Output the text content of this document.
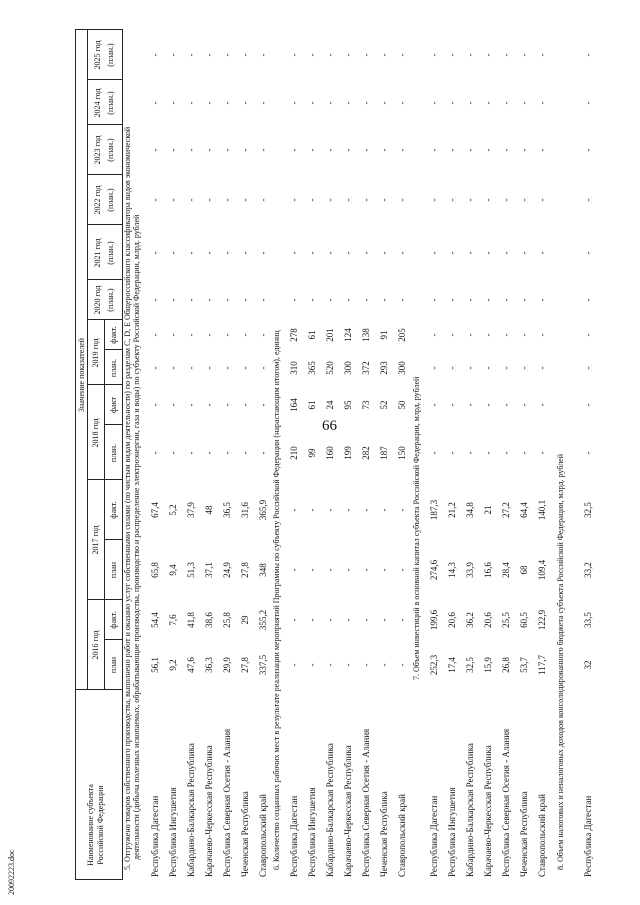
66
20092223.doc
Наименование субъекта Российской Федерации
Значение показателей
2016 год
план
факт.
2017 год
план
факт.
2018 год
план.
факт
2019 год
план.
факт.
2020 год (план.)
2021 год (план.)
2022 год (план.)
2023 год (план.)
2024 год (план.)
2025 год (план.)
5. Отгружено товаров собственного производства, выполнено работ и оказано услуг собственными силами (по чистым видам деятельности) по разделам C, D, E Общероссийского классификатора видов экономической деятельности (добыча полезных ископаемых, обрабатывающие производства, производство и распределение электроэнергии, газа и воды) по субъекту Российской Федерации, млрд. рублей Республика Дагестан
56,1
54,4
65,8
67,4
-
-
-
-
-
-
-
-
-
-
Республика Ингушетия
9,2
7,6
9,4
5,2
-
-
-
-
-
-
-
-
-
-
Кабардино-Балкарская Республика
47,6
41,8
51,3
37,9
-
-
-
-
-
-
-
-
-
-
Карачаево-Черкесская Республика
36,3
38,6
37,1
48
-
-
-
-
-
-
-
-
-
-
Республика Северная Осетия - Алания
29,9
25,8
24,9
36,5
-
-
-
-
-
-
-
-
-
-
Чеченская Республика
27,8
29
27,8
31,6
-
-
-
-
-
-
-
-
-
-
Ставропольский край
337,5
355,2
348
365,9
-
-
-
-
-
-
-
-
-
-
6. Количество созданных рабочих мест в результате реализации мероприятий Программы по субъекту Российской Федерации (нарастающим итогом), единиц Республика Дагестан
-
-
-
-
210
164
310
278
-
-
-
-
-
-
Республика Ингушетия
-
-
-
-
99
61
365
61
-
-
-
-
-
-
Кабардино-Балкарская Республика
-
-
-
-
160
24
520
201
-
-
-
-
-
-
Карачаево-Черкесская Республика
-
-
-
-
199
95
300
124
-
-
-
-
-
-
Республика Северная Осетия - Алания
-
-
-
-
282
73
372
138
-
-
-
-
-
-
Чеченская Республика
-
-
-
-
187
52
293
91
-
-
-
-
-
-
Ставропольский край
-
-
-
-
150
50
300
205
-
-
-
-
-
-
7. Объем инвестиций в основной капитал субъекта Российской Федерации, млрд. рублей
Республика Дагестан
252,3
199,6
274,6
187,3
-
-
-
-
-
-
-
-
-
-
Республика Ингушетия
17,4
20,6
14,3
21,2
-
-
-
-
-
-
-
-
-
-
Кабардино-Балкарская Республика
32,5
36,2
33,9
34,8
-
-
-
-
-
-
-
-
-
-
Карачаево-Черкесская Республика
15,9
20,6
16,6
21
-
-
-
-
-
-
-
-
-
-
Республика Северная Осетия - Алания
26,8
25,5
28,4
27,2
-
-
-
-
-
-
-
-
-
-
Чеченская Республика
53,7
60,5
68
64,4
-
-
-
-
-
-
-
-
-
-
Ставропольский край
117,7
122,9
109,4
140,1
-
-
-
-
-
-
-
-
-
-
8. Объем налоговых и неналоговых доходов консолидированного бюджета субъекта Российской Федерации, млрд. рублей Республика Дагестан
32
33,5
33,2
32,5
-
-
-
-
-
-
-
-
-
-
